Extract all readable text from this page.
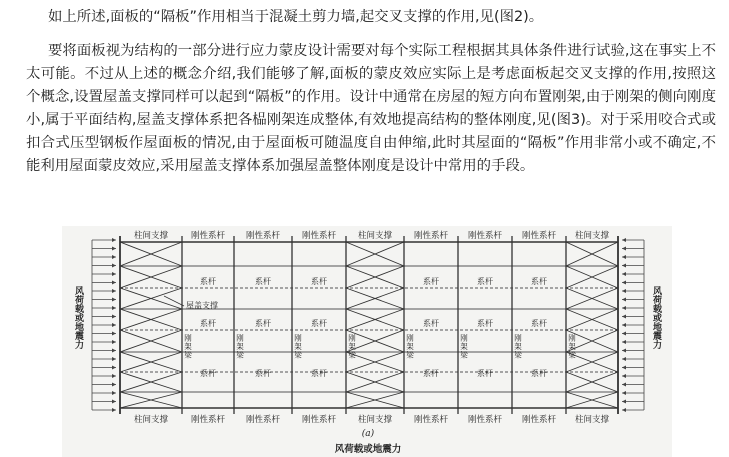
如上所述,面板的“隔板”作用相当于混凝土剪力墙,起交叉支撑的作用,见(图2)。

要将面板视为结构的一部分进行应力蒙皮设计需要对每个实际工程根据其具体条件进行试验,这在事实上不太可能。不过从上述的概念介绍,我们能够了解,面板的蒙皮效应实际上是考虑面板起交叉支撑的作用,按照这个概念,设置屋盖支撑同样可以起到“隔板”的作用。设计中通常在房屋的短方向布置刚架,由于刚架的侧向刚度小,属于平面结构,屋盖支撑体系把各榀刚架连成整体,有效地提高结构的整体刚度,见(图3)。对于采用咬合式或扣合式压型钢板作屋面板的情况,由于屋面板可随温度自由伸缩,此时其屋面的“隔板”作用非常小或不确定,不能利用屋面蒙皮效应,采用屋盖支撑体系加强屋盖整体刚度是设计中常用的手段。

柱间支撑	刚性系杆 刚性系杆	刚性系杆	柱间支撑	刚性系杆 刚性系杆 刚性系杆 柱间支撑
柱间支撑	刚性系杆 刚性系杆	刚性系杆	柱间支撑	刚性系杆 刚性系杆 刚性系杆 柱间支撑
系杆
系杆
系杆
系杆
系杆
系杆
系杆
系杆
系杆
系杆
系杆
系杆
系杆
系杆
系杆
系杆
系杆
系杆
屋盖支撑
刚架梁	刚架梁	刚架梁	刚架梁	刚架梁	刚架梁	刚架梁	刚架梁
风荷载或地震力	风荷载或地震力
(a)
风荷载或地震力
